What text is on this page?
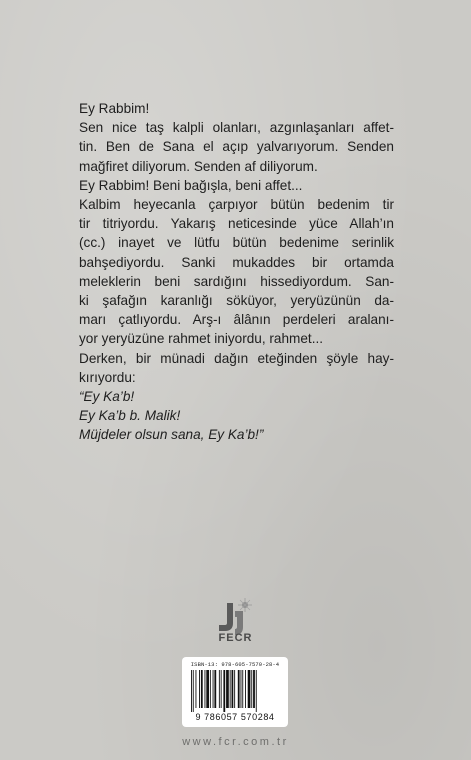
Ey Rabbim!
Sen nice taş kalpli olanları, azgınlaşanları affet-
tin. Ben de Sana el açıp yalvarıyorum. Senden
mağfiret diliyorum. Senden af diliyorum.
Ey Rabbim! Beni bağışla, beni affet...
Kalbim heyecanla çarpıyor bütün bedenim tir
tir titriyordu. Yakarış neticesinde yüce Allah’ın
(cc.) inayet ve lütfu bütün bedenime serinlik
bahşediyordu. Sanki mukaddes bir ortamda
meleklerin beni sardığını hissediyordum. San-
ki şafağın karanlığı söküyor, yeryüzünün da-
marı çatlıyordu. Arş-ı âlânın perdeleri aralanı-
yor yeryüzüne rahmet iniyordu, rahmet...
Derken, bir münadi dağın eteğinden şöyle hay-
kırıyordu:
“Ey Ka’b!
Ey Ka’b b. Malik!
Müjdeler olsun sana, Ey Ka’b!”
FECR
ISBN-13: 978-605-7570-28-4
9 786057 570284
www.fcr.com.tr
